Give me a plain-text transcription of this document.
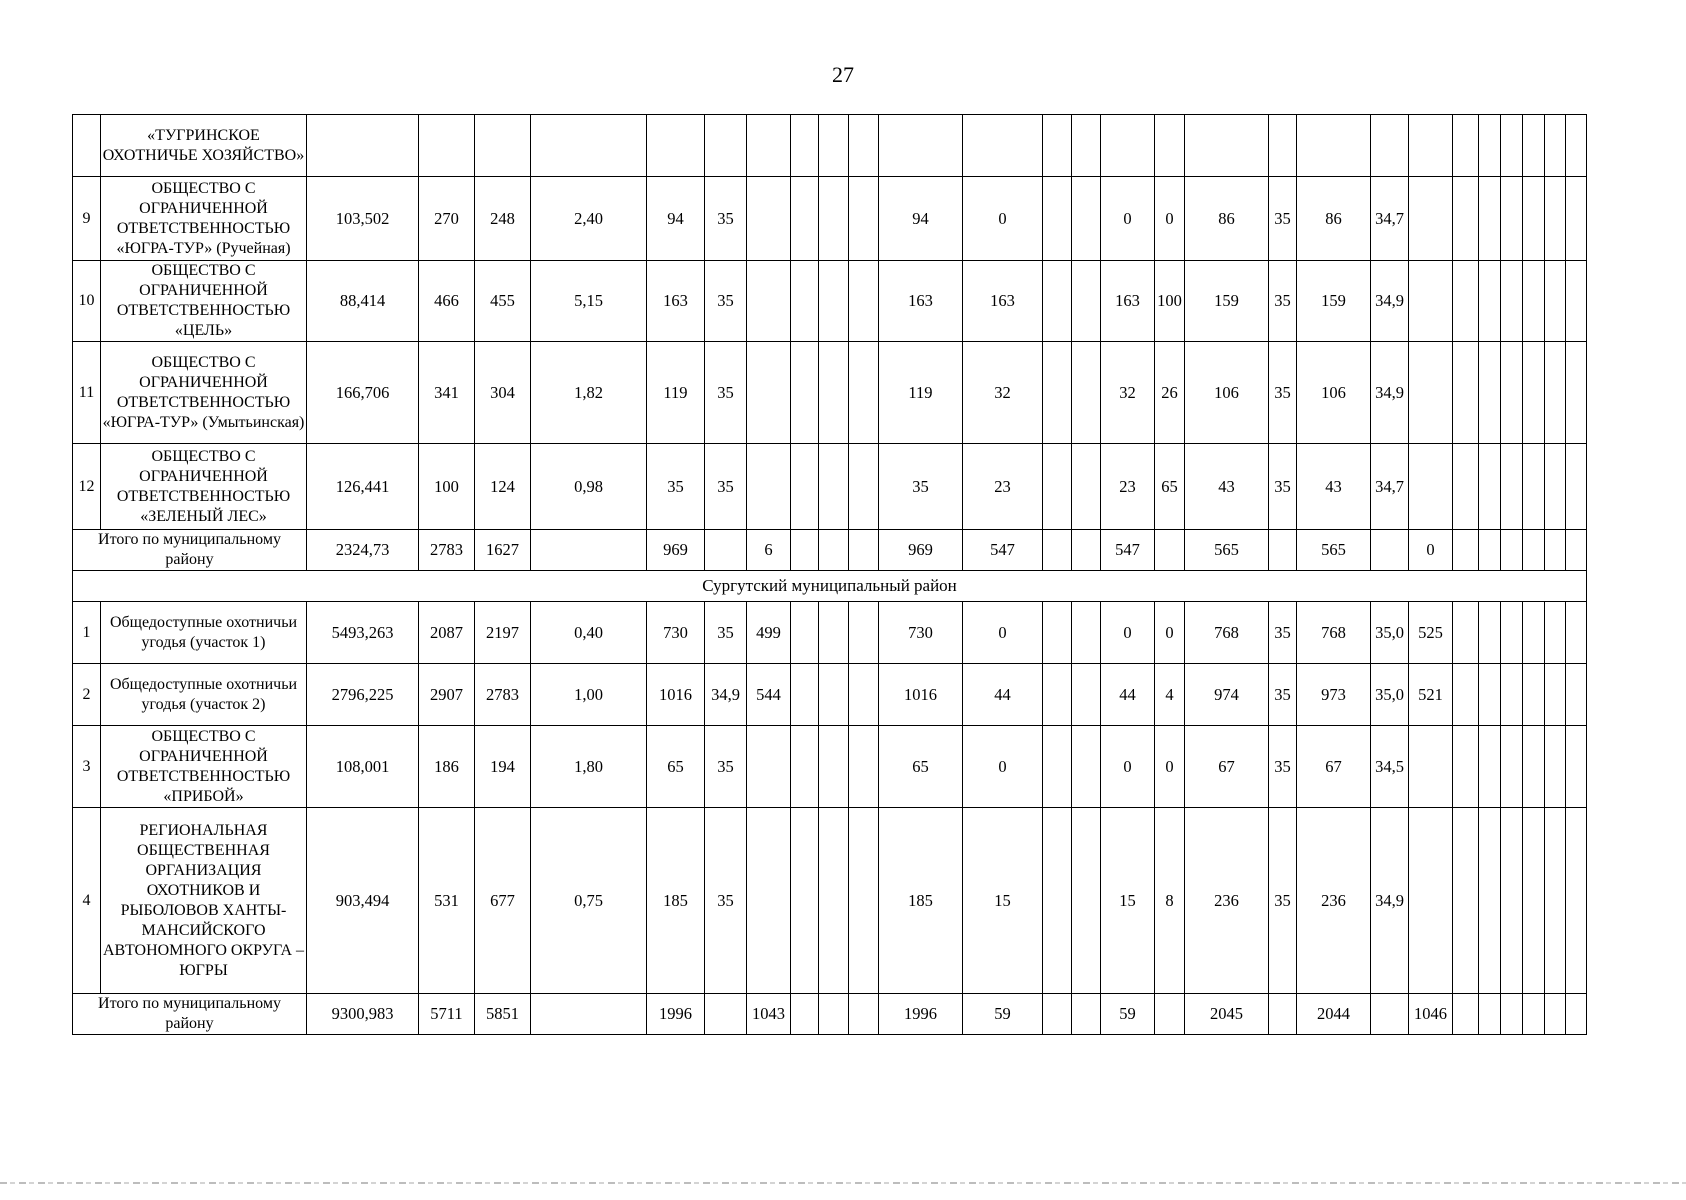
27
	«ТУГРИНСКОЕ ОХОТНИЧЬЕ ХОЗЯЙСТВО»																											
9	ОБЩЕСТВО С ОГРАНИЧЕННОЙ ОТВЕТСТВЕННОСТЬЮ «ЮГРА-ТУР» (Ручейная)	103,502	270	248	2,40	94	35					94	0			0	0	86	35	86	34,7							
10	ОБЩЕСТВО С ОГРАНИЧЕННОЙ ОТВЕТСТВЕННОСТЬЮ «ЦЕЛЬ»	88,414	466	455	5,15	163	35					163	163			163	100	159	35	159	34,9							
11	ОБЩЕСТВО С ОГРАНИЧЕННОЙ ОТВЕТСТВЕННОСТЬЮ «ЮГРА-ТУР» (Умытьинская)	166,706	341	304	1,82	119	35					119	32			32	26	106	35	106	34,9							
12	ОБЩЕСТВО С ОГРАНИЧЕННОЙ ОТВЕТСТВЕННОСТЬЮ «ЗЕЛЕНЫЙ ЛЕС»	126,441	100	124	0,98	35	35					35	23			23	65	43	35	43	34,7							
Итого по муниципальному району		2324,73	2783	1627		969		6				969	547			547		565		565		0						
Сургутский муниципальный район																												
1	Общедоступные охотничьи угодья (участок 1)	5493,263	2087	2197	0,40	730	35	499				730	0			0	0	768	35	768	35,0	525						
2	Общедоступные охотничьи угодья (участок 2)	2796,225	2907	2783	1,00	1016	34,9	544				1016	44			44	4	974	35	973	35,0	521						
3	ОБЩЕСТВО С ОГРАНИЧЕННОЙ ОТВЕТСТВЕННОСТЬЮ «ПРИБОЙ»	108,001	186	194	1,80	65	35					65	0			0	0	67	35	67	34,5							
4	РЕГИОНАЛЬНАЯ ОБЩЕСТВЕННАЯ ОРГАНИЗАЦИЯ ОХОТНИКОВ И РЫБОЛОВОВ ХАНТЫ-МАНСИЙСКОГО АВТОНОМНОГО ОКРУГА – ЮГРЫ	903,494	531	677	0,75	185	35					185	15			15	8	236	35	236	34,9							
Итого по муниципальному району		9300,983	5711	5851		1996		1043				1996	59			59		2045		2044		1046						
